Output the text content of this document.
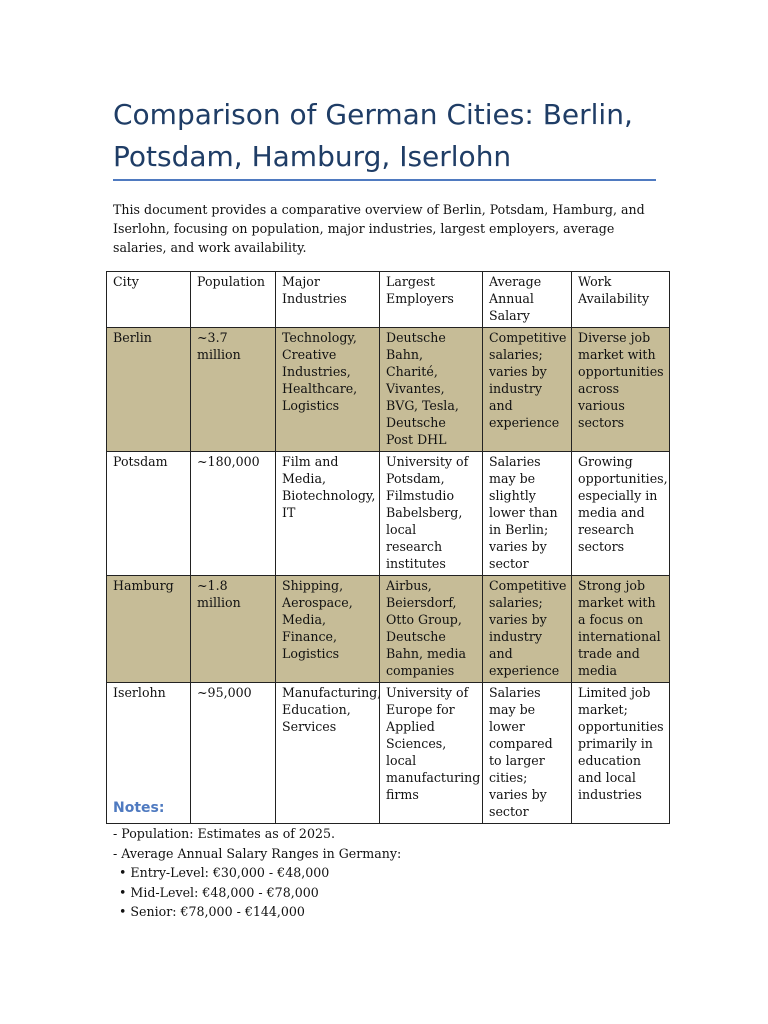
Comparison of German Cities: Berlin, Potsdam, Hamburg, Iserlohn

This document provides a comparative overview of Berlin, Potsdam, Hamburg, and Iserlohn, focusing on population, major industries, largest employers, average salaries, and work availability.

City	Population	Major Industries	Largest Employers	Average Annual Salary	Work Availability
Berlin	~3.7 million	Technology, Creative Industries, Healthcare, Logistics	Deutsche Bahn, Charité, Vivantes, BVG, Tesla, Deutsche Post DHL	Competitive salaries; varies by industry and experience	Diverse job market with opportunities across various sectors
Potsdam	~180,000	Film and Media, Biotechnology, IT	University of Potsdam, Filmstudio Babelsberg, local research institutes	Salaries may be slightly lower than in Berlin; varies by sector	Growing opportunities, especially in media and research sectors
Hamburg	~1.8 million	Shipping, Aerospace, Media, Finance, Logistics	Airbus, Beiersdorf, Otto Group, Deutsche Bahn, media companies	Competitive salaries; varies by industry and experience	Strong job market with a focus on international trade and media
Iserlohn	~95,000	Manufacturing, Education, Services	University of Europe for Applied Sciences, local manufacturing firms	Salaries may be lower compared to larger cities; varies by sector	Limited job market; opportunities primarily in education and local industries
Notes:
- Population: Estimates as of 2025.
- Average Annual Salary Ranges in Germany:
• Entry-Level: €30,000 - €48,000
• Mid-Level: €48,000 - €78,000
• Senior: €78,000 - €144,000
